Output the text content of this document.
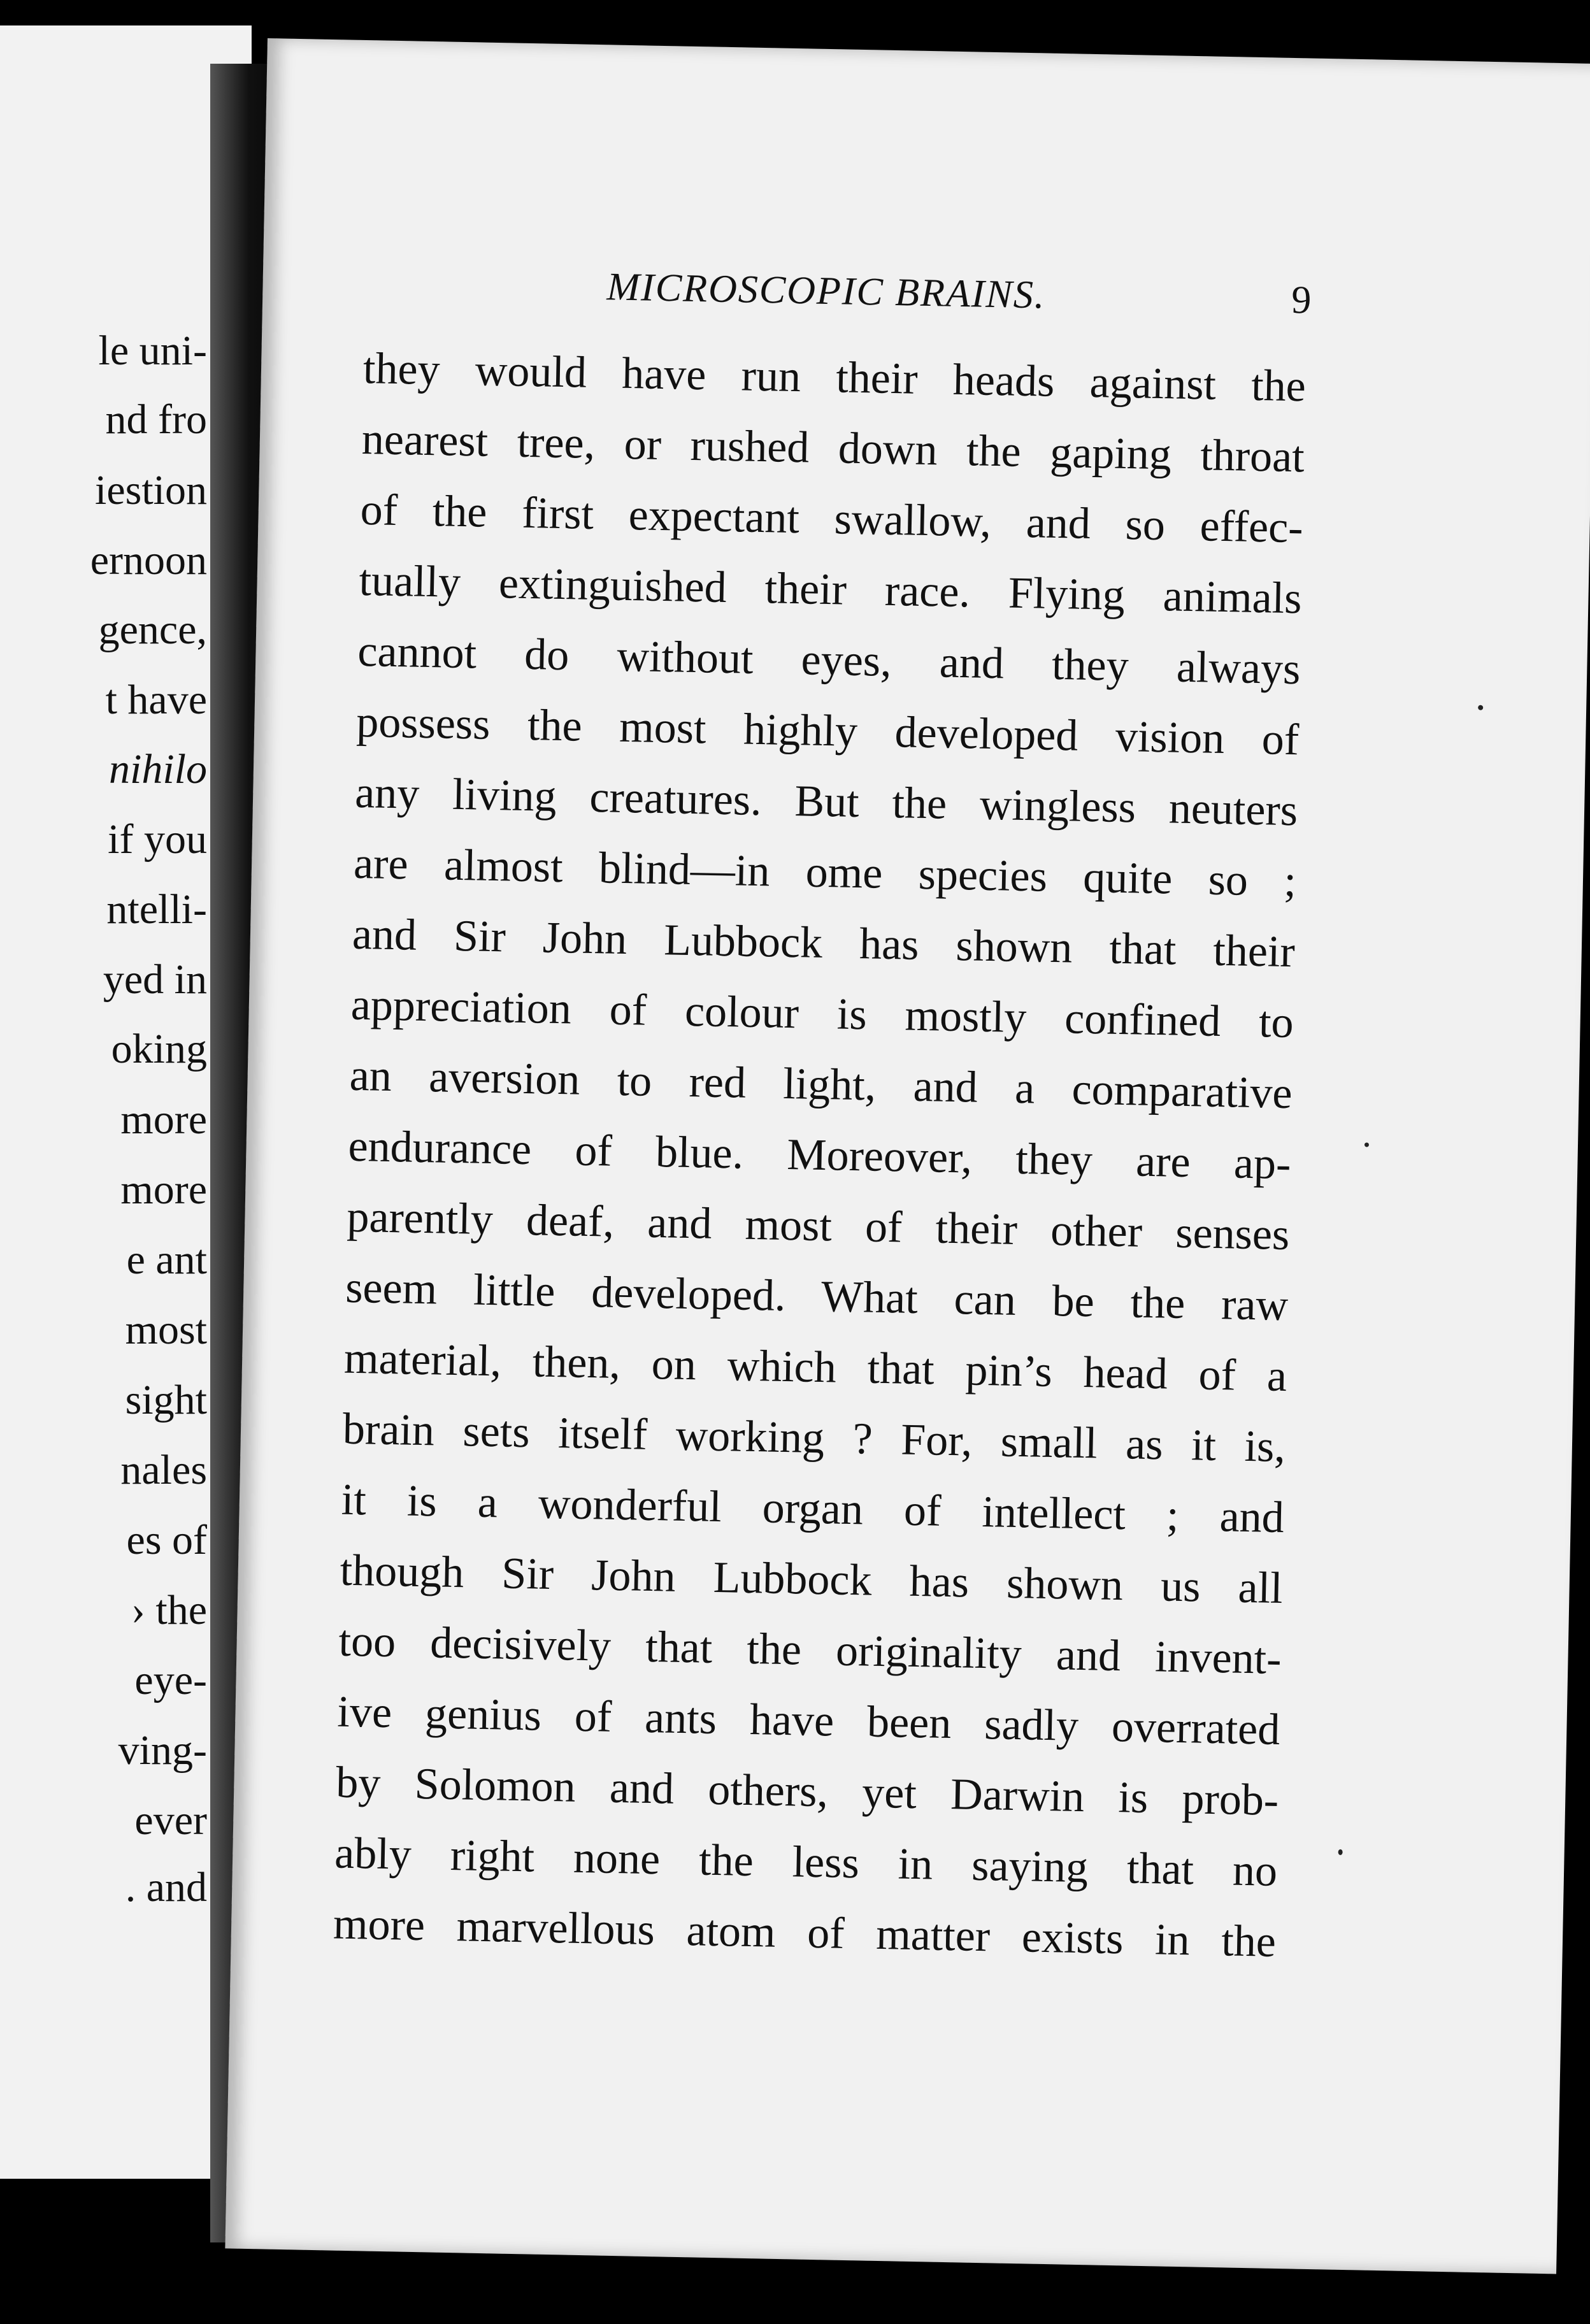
le uni-
nd fro
iestion
ernoon
gence,
t have
nihilo
if you
ntelli-
yed in
oking
more
more
e ant
most
sight
nales
es of
› the
eye-
ving-
ever
. and
MICROSCOPIC BRAINS.	9
they would have run their heads against the
nearest tree, or rushed down the gaping throat
of the first expectant swallow, and so effec-
tually extinguished their race. Flying animals
cannot do without eyes, and they always
possess the most highly developed vision of
any living creatures. But the wingless neuters
are almost blind—in ome species quite so ;
and Sir John Lubbock has shown that their
appreciation of colour is mostly confined to
an aversion to red light, and a comparative
endurance of blue. Moreover, they are ap-
parently deaf, and most of their other senses
seem little developed. What can be the raw
material, then, on which that pin’s head of a
brain sets itself working ? For, small as it is,
it is a wonderful organ of intellect ; and
though Sir John Lubbock has shown us all
too decisively that the originality and invent-
ive genius of ants have been sadly overrated
by Solomon and others, yet Darwin is prob-
ably right none the less in saying that no
more marvellous atom of matter exists in the
